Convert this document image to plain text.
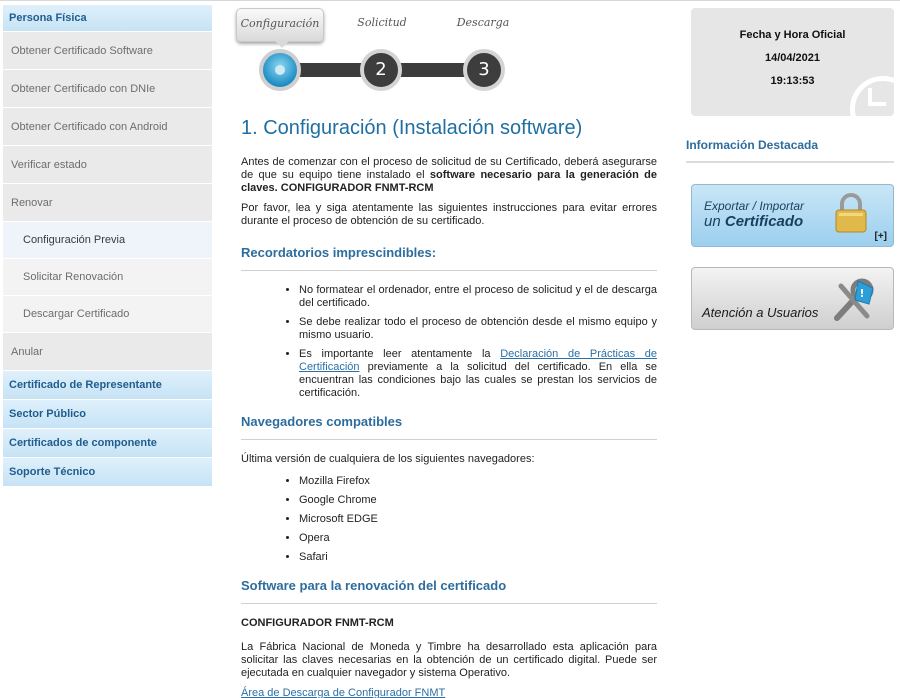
Persona Física
Obtener Certificado Software
Obtener Certificado con DNIe
Obtener Certificado con Android
Verificar estado
Renovar
Configuración Previa
Solicitar Renovación
Descargar Certificado
Anular
Certificado de Representante
Sector Público
Certificados de componente
Soporte Técnico
Configuración	Solicitud	Descarga
2	3
1. Configuración (Instalación software)

Antes de comenzar con el proceso de solicitud de su Certificado, deberá asegurarse de que su equipo tiene instalado el software necesario para la generación de claves. CONFIGURADOR FNMT-RCM

Por favor, lea y siga atentamente las siguientes instrucciones para evitar errores durante el proceso de obtención de su certificado.

Recordatorios imprescindibles:
• No formatear el ordenador, entre el proceso de solicitud y el de descarga del certificado.
• Se debe realizar todo el proceso de obtención desde el mismo equipo y mismo usuario.
• Es importante leer atentamente la Declaración de Prácticas de Certificación previamente a la solicitud del certificado. En ella se encuentran las condiciones bajo las cuales se prestan los servicios de certificación.
Navegadores compatibles

Última versión de cualquiera de los siguientes navegadores:

• Mozilla Firefox
• Google Chrome
• Microsoft EDGE
• Opera
• Safari
Software para la renovación del certificado
CONFIGURADOR FNMT-RCM

La Fábrica Nacional de Moneda y Timbre ha desarrollado esta aplicación para solicitar las claves necesarias en la obtención de un certificado digital. Puede ser ejecutada en cualquier navegador y sistema Operativo.

Área de Descarga de Configurador FNMT
Fecha y Hora Oficial
14/04/2021
19:13:53
Información Destacada
Exportar / Importar
un Certificado
[+]
Atención a Usuarios
!
